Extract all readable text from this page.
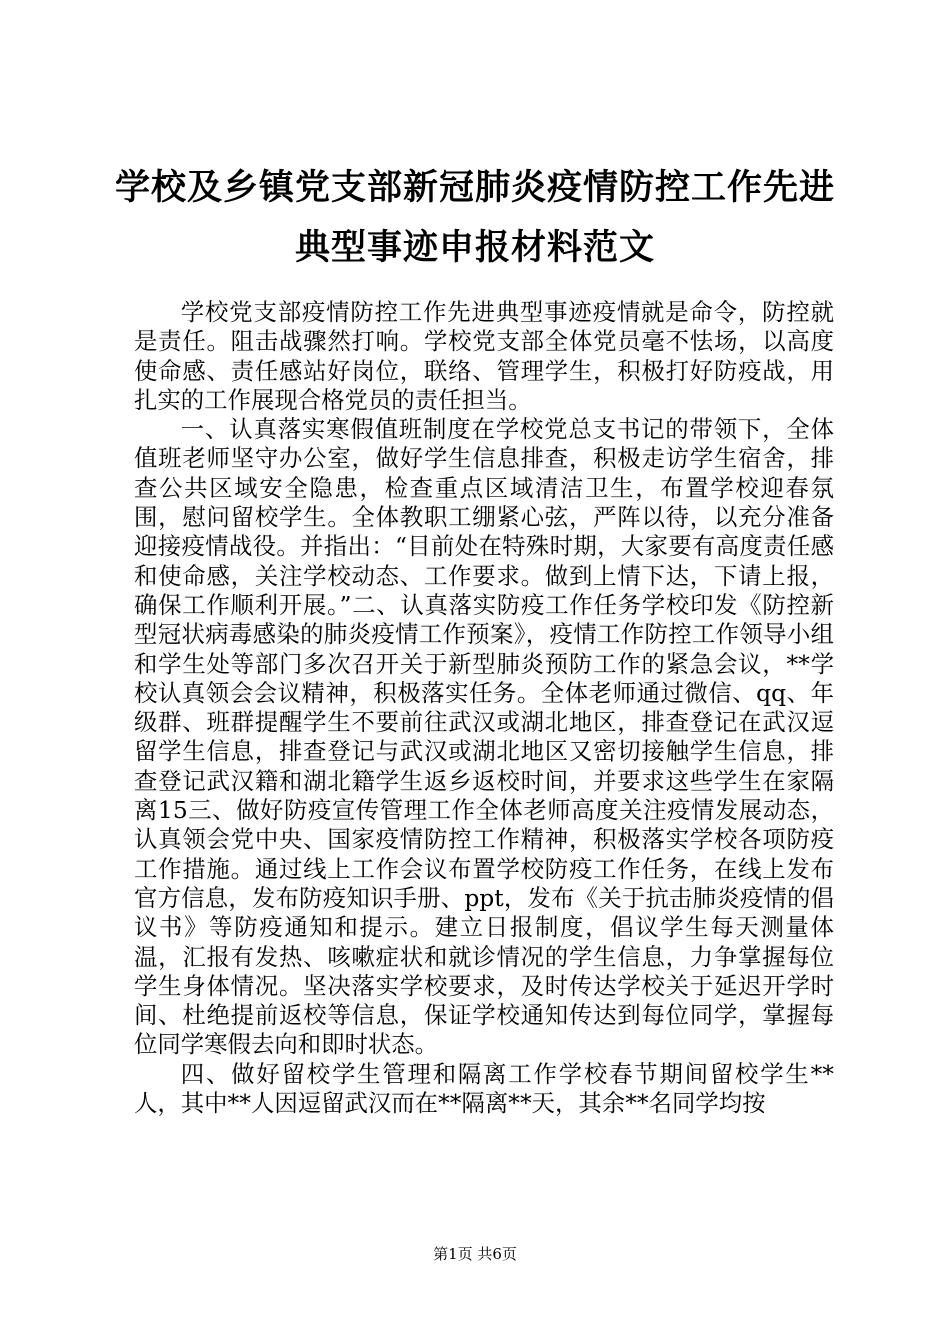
学校及乡镇党支部新冠肺炎疫情防控工作先进
典型事迹申报材料范文

学校党支部疫情防控工作先进典型事迹疫情就是命令，防控就是责任。阻击战骤然打响。学校党支部全体党员毫不怯场，以高度使命感、责任感站好岗位，联络、管理学生，积极打好防疫战，用扎实的工作展现合格党员的责任担当。

一、认真落实寒假值班制度在学校党总支书记的带领下，全体值班老师坚守办公室，做好学生信息排查，积极走访学生宿舍，排查公共区域安全隐患，检查重点区域清洁卫生，布置学校迎春氛围，慰问留校学生。全体教职工绷紧心弦，严阵以待，以充分准备迎接疫情战役。并指出：“目前处在特殊时期，大家要有高度责任感和使命感，关注学校动态、工作要求。做到上情下达，下请上报，确保工作顺利开展。”二、认真落实防疫工作任务学校印发《防控新型冠状病毒感染的肺炎疫情工作预案》，疫情工作防控工作领导小组和学生处等部门多次召开关于新型肺炎预防工作的紧急会议，**学校认真领会会议精神，积极落实任务。全体老师通过微信、qq、年级群、班群提醒学生不要前往武汉或湖北地区，排查登记在武汉逗留学生信息，排查登记与武汉或湖北地区又密切接触学生信息，排查登记武汉籍和湖北籍学生返乡返校时间，并要求这些学生在家隔离15三、做好防疫宣传管理工作全体老师高度关注疫情发展动态，认真领会党中央、国家疫情防控工作精神，积极落实学校各项防疫工作措施。通过线上工作会议布置学校防疫工作任务，在线上发布官方信息，发布防疫知识手册、ppt，发布《关于抗击肺炎疫情的倡议书》等防疫通知和提示。建立日报制度，倡议学生每天测量体温，汇报有发热、咳嗽症状和就诊情况的学生信息，力争掌握每位学生身体情况。坚决落实学校要求，及时传达学校关于延迟开学时间、杜绝提前返校等信息，保证学校通知传达到每位同学，掌握每位同学寒假去向和即时状态。

四、做好留校学生管理和隔离工作学校春节期间留校学生**人，其中**人因逗留武汉而在**隔离**天，其余**名同学均按

第1页 共6页
